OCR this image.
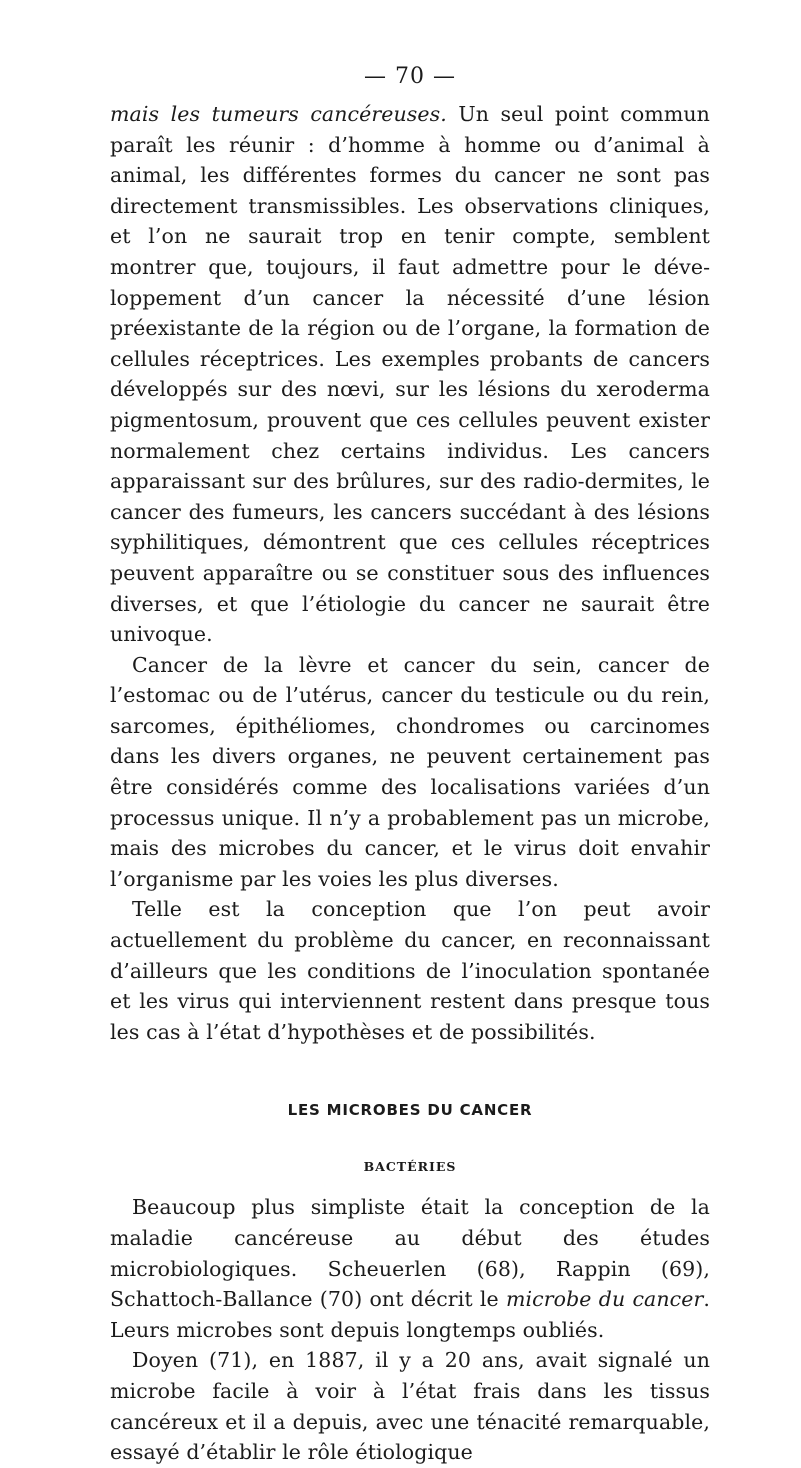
— 70 —

mais les tumeurs cancéreuses. Un seul point commun paraît les réunir : d’homme à homme ou d’animal à animal, les différentes formes du cancer ne sont pas directement transmissibles. Les observations cliniques, et l’on ne saurait trop en tenir compte, semblent montrer que, toujours, il faut admettre pour le développement d’un cancer la nécessité d’une lésion préexistante de la région ou de l’organe, la formation de cellules réceptrices. Les exemples probants de cancers développés sur des nœvi, sur les lésions du xeroderma pigmentosum, prouvent que ces cellules peuvent exister normalement chez certains individus. Les cancers apparaissant sur des brûlures, sur des radio-dermites, le cancer des fumeurs, les cancers succédant à des lésions syphilitiques, démontrent que ces cellules réceptrices peuvent apparaître ou se constituer sous des influences diverses, et que l’étiologie du cancer ne saurait être univoque.

Cancer de la lèvre et cancer du sein, cancer de l’estomac ou de l’utérus, cancer du testicule ou du rein, sarcomes, épithéliomes, chondromes ou carcinomes dans les divers organes, ne peuvent certainement pas être considérés comme des localisations variées d’un processus unique. Il n’y a probablement pas un microbe, mais des microbes du cancer, et le virus doit envahir l’organisme par les voies les plus diverses.

Telle est la conception que l’on peut avoir actuellement du problème du cancer, en reconnaissant d’ailleurs que les conditions de l’inoculation spontanée et les virus qui interviennent restent dans presque tous les cas à l’état d’hypothèses et de possibilités.

LES MICROBES DU CANCER
BACTÉRIES

Beaucoup plus simpliste était la conception de la maladie cancéreuse au début des études microbiologiques. Scheuerlen (68), Rappin (69), Schattoch-Ballance (70) ont décrit le microbe du cancer. Leurs microbes sont depuis longtemps oubliés.

Doyen (71), en 1887, il y a 20 ans, avait signalé un microbe facile à voir à l’état frais dans les tissus cancéreux et il a depuis, avec une ténacité remarquable, essayé d’établir le rôle étiologique
